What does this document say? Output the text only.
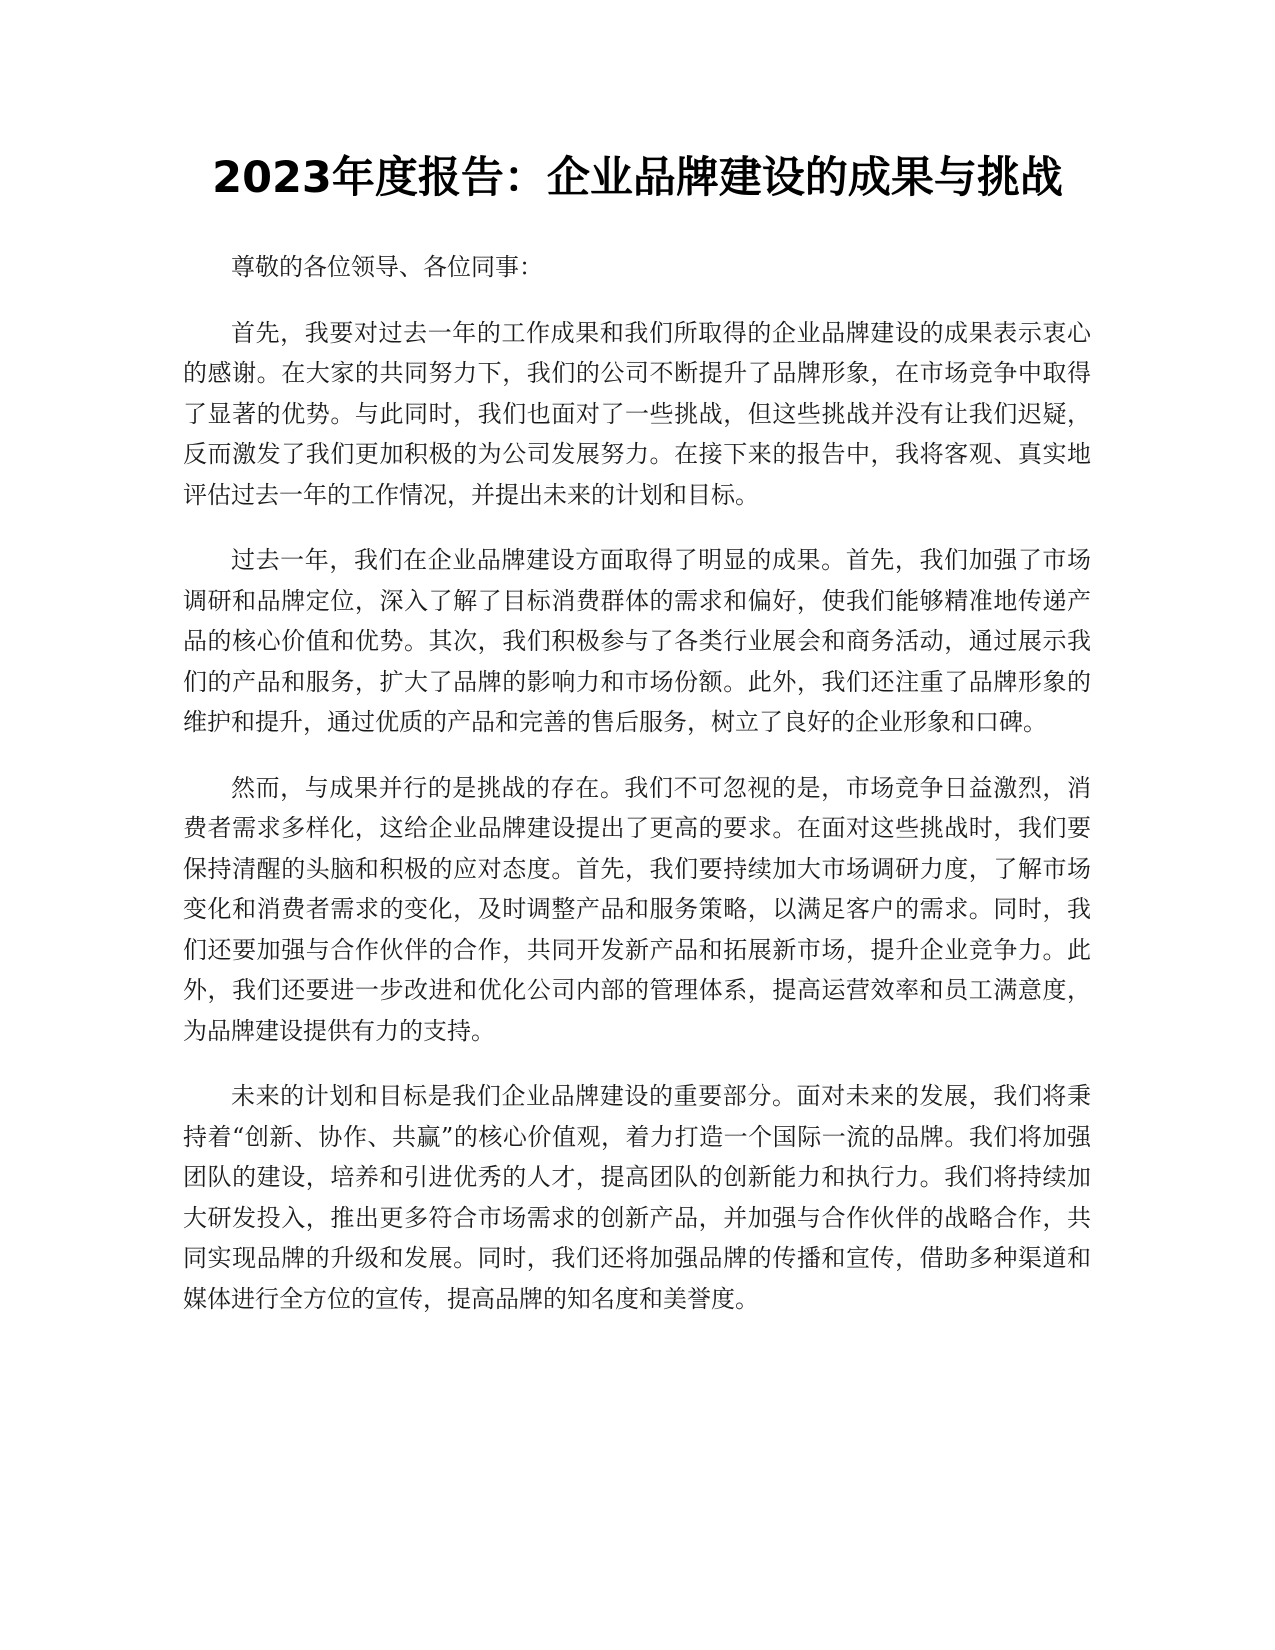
2023年度报告：企业品牌建设的成果与挑战

尊敬的各位领导、各位同事：

首先，我要对过去一年的工作成果和我们所取得的企业品牌建设的成果表示衷心的感谢。在大家的共同努力下，我们的公司不断提升了品牌形象，在市场竞争中取得了显著的优势。与此同时，我们也面对了一些挑战，但这些挑战并没有让我们迟疑，反而激发了我们更加积极的为公司发展努力。在接下来的报告中，我将客观、真实地评估过去一年的工作情况，并提出未来的计划和目标。

过去一年，我们在企业品牌建设方面取得了明显的成果。首先，我们加强了市场调研和品牌定位，深入了解了目标消费群体的需求和偏好，使我们能够精准地传递产品的核心价值和优势。其次，我们积极参与了各类行业展会和商务活动，通过展示我们的产品和服务，扩大了品牌的影响力和市场份额。此外，我们还注重了品牌形象的维护和提升，通过优质的产品和完善的售后服务，树立了良好的企业形象和口碑。

然而，与成果并行的是挑战的存在。我们不可忽视的是，市场竞争日益激烈，消费者需求多样化，这给企业品牌建设提出了更高的要求。在面对这些挑战时，我们要保持清醒的头脑和积极的应对态度。首先，我们要持续加大市场调研力度，了解市场变化和消费者需求的变化，及时调整产品和服务策略，以满足客户的需求。同时，我们还要加强与合作伙伴的合作，共同开发新产品和拓展新市场，提升企业竞争力。此外，我们还要进一步改进和优化公司内部的管理体系，提高运营效率和员工满意度，为品牌建设提供有力的支持。

未来的计划和目标是我们企业品牌建设的重要部分。面对未来的发展，我们将秉持着“创新、协作、共赢”的核心价值观，着力打造一个国际一流的品牌。我们将加强团队的建设，培养和引进优秀的人才，提高团队的创新能力和执行力。我们将持续加大研发投入，推出更多符合市场需求的创新产品，并加强与合作伙伴的战略合作，共同实现品牌的升级和发展。同时，我们还将加强品牌的传播和宣传，借助多种渠道和媒体进行全方位的宣传，提高品牌的知名度和美誉度。
